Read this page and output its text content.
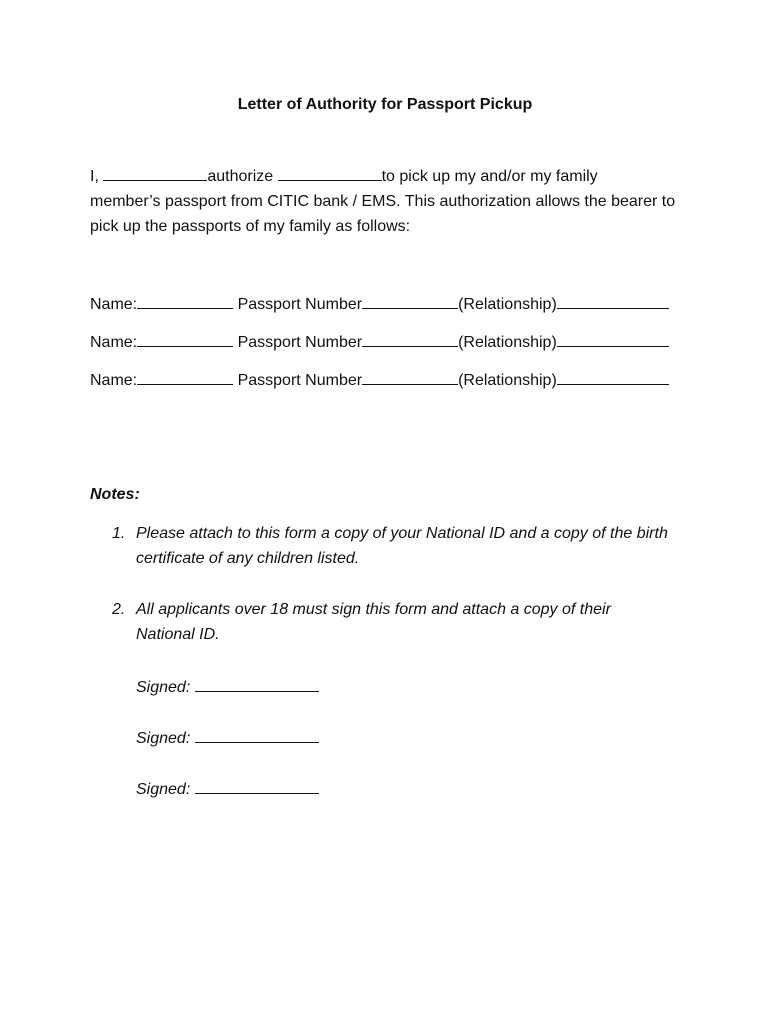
Letter of Authority for Passport Pickup
I,	authorize	to pick up my and/or my family
member’s passport from CITIC bank / EMS. This authorization allows the bearer to
pick up the passports of my family as follows:
Name:	Passport Number	(Relationship)
Name:	Passport Number	(Relationship)
Name:	Passport Number	(Relationship)
Notes:
1. Please attach to this form a copy of your National ID and a copy of the birth
certificate of any children listed.
2. All applicants over 18 must sign this form and attach a copy of their
National ID.
Signed:
Signed:
Signed:
